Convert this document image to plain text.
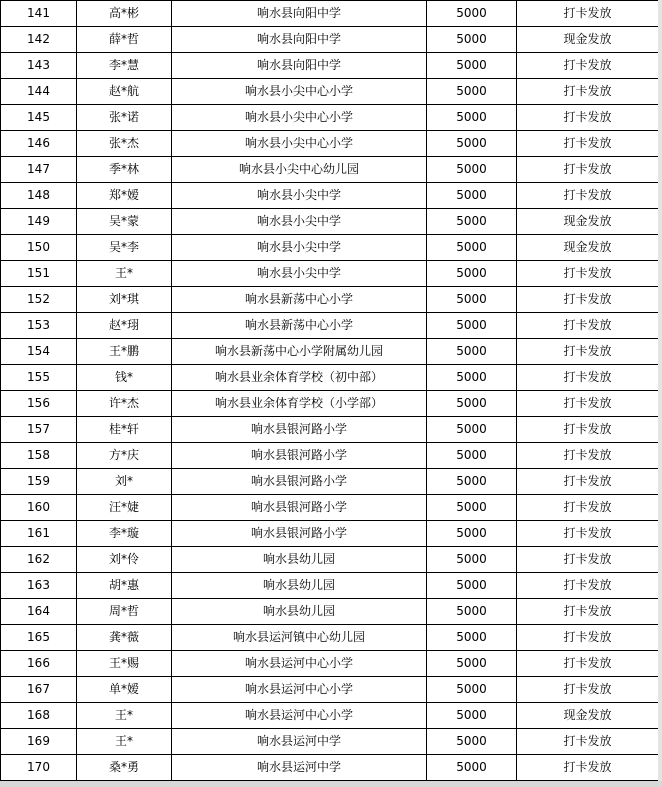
141	高*彬	响水县向阳中学	5000	打卡发放
142	薛*哲	响水县向阳中学	5000	现金发放
143	李*慧	响水县向阳中学	5000	打卡发放
144	赵*航	响水县小尖中心小学	5000	打卡发放
145	张*诺	响水县小尖中心小学	5000	打卡发放
146	张*杰	响水县小尖中心小学	5000	打卡发放
147	季*林	响水县小尖中心幼儿园	5000	打卡发放
148	郑*嫒	响水县小尖中学	5000	打卡发放
149	吴*蒙	响水县小尖中学	5000	现金发放
150	吴*李	响水县小尖中学	5000	现金发放
151	王*	响水县小尖中学	5000	打卡发放
152	刘*琪	响水县新荡中心小学	5000	打卡发放
153	赵*珝	响水县新荡中心小学	5000	打卡发放
154	王*鹏	响水县新荡中心小学附属幼儿园	5000	打卡发放
155	钱*	响水县业余体育学校（初中部）	5000	打卡发放
156	许*杰	响水县业余体育学校（小学部）	5000	打卡发放
157	桂*轩	响水县银河路小学	5000	打卡发放
158	方*庆	响水县银河路小学	5000	打卡发放
159	刘*	响水县银河路小学	5000	打卡发放
160	汪*婕	响水县银河路小学	5000	打卡发放
161	李*璇	响水县银河路小学	5000	打卡发放
162	刘*伶	响水县幼儿园	5000	打卡发放
163	胡*惠	响水县幼儿园	5000	打卡发放
164	周*哲	响水县幼儿园	5000	打卡发放
165	龚*薇	响水县运河镇中心幼儿园	5000	打卡发放
166	王*赐	响水县运河中心小学	5000	打卡发放
167	单*嫒	响水县运河中心小学	5000	打卡发放
168	王*	响水县运河中心小学	5000	现金发放
169	王*	响水县运河中学	5000	打卡发放
170	桑*勇	响水县运河中学	5000	打卡发放
